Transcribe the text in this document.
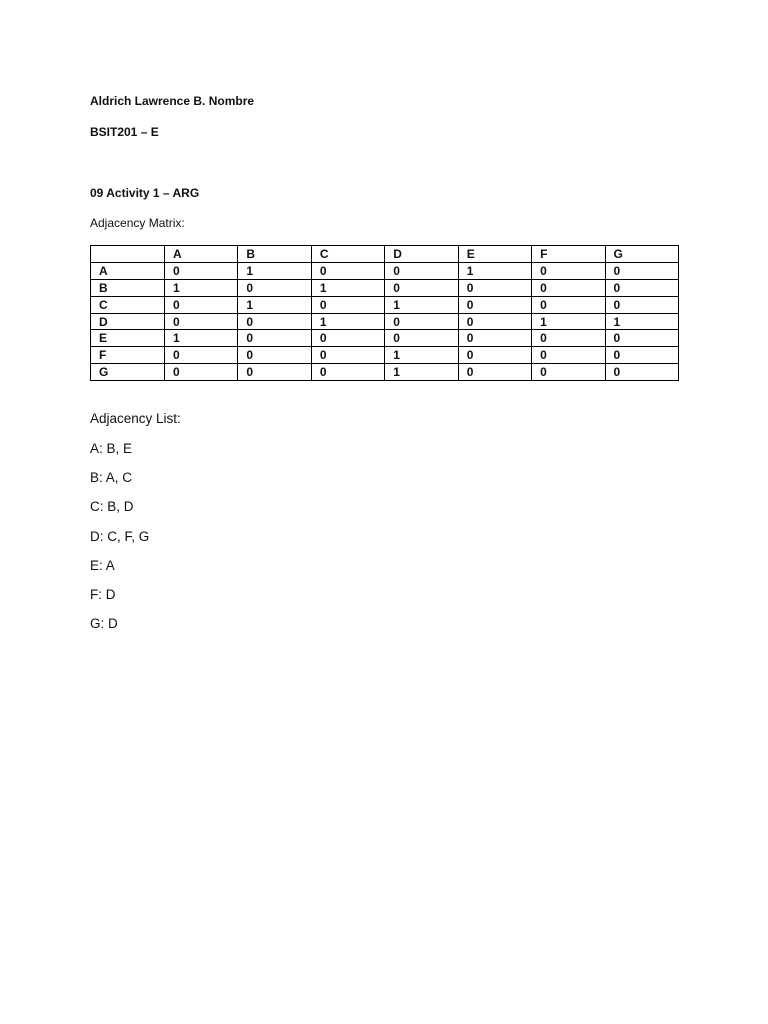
Aldrich Lawrence B. Nombre
BSIT201 – E
09 Activity 1 – ARG
Adjacency Matrix:
	A	B	C	D	E	F	G
A	0	1	0	0	1	0	0
B	1	0	1	0	0	0	0
C	0	1	0	1	0	0	0
D	0	0	1	0	0	1	1
E	1	0	0	0	0	0	0
F	0	0	0	1	0	0	0
G	0	0	0	1	0	0	0
Adjacency List:
A: B, E
B: A, C
C: B, D
D: C, F, G
E: A
F: D
G: D
